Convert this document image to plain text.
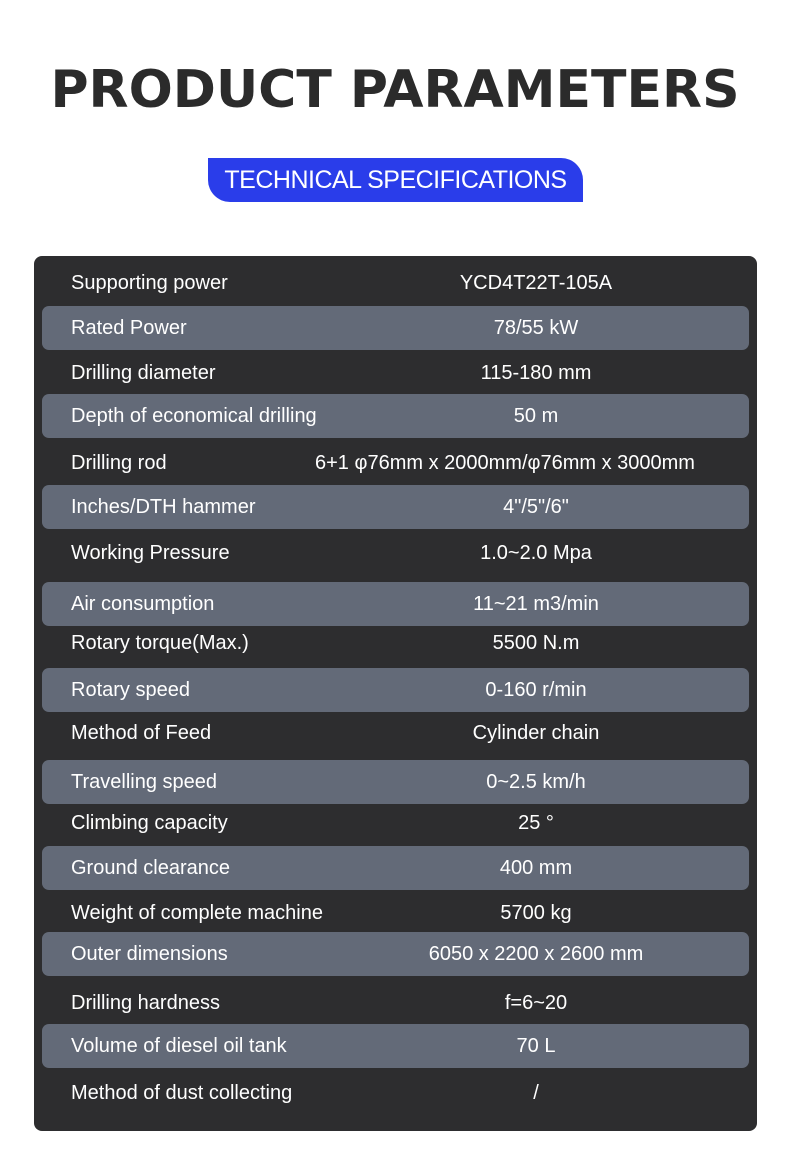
PRODUCT PARAMETERS
TECHNICAL SPECIFICATIONS
Supporting power	YCD4T22T-105A
Rated Power	78/55 kW
Drilling diameter	115-180 mm
Depth of economical drilling	50 m
Drilling rod	6+1 φ76mm x 2000mm/φ76mm x 3000mm
Inches/DTH hammer	4"/5"/6"
Working Pressure	1.0~2.0 Mpa
Air consumption	11~21 m3/min
Rotary torque(Max.)	5500 N.m
Rotary speed	0-160 r/min
Method of Feed	Cylinder chain
Travelling speed	0~2.5 km/h
Climbing capacity	25 °
Ground clearance	400 mm
Weight of complete machine	5700 kg
Outer dimensions	6050 x 2200 x 2600 mm
Drilling hardness	f=6~20
Volume of diesel oil tank	70 L
Method of dust collecting	/
